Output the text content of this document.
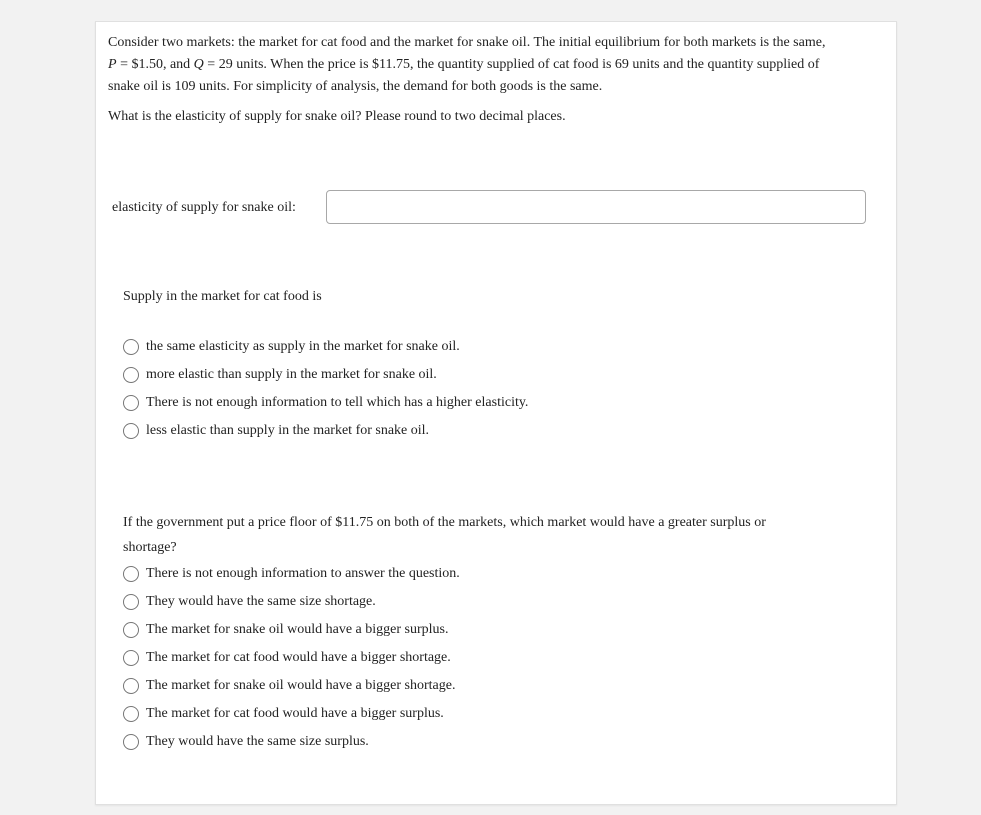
Consider two markets: the market for cat food and the market for snake oil. The initial equilibrium for both markets is the same,
P = $1.50, and Q = 29 units. When the price is $11.75, the quantity supplied of cat food is 69 units and the quantity supplied of
snake oil is 109 units. For simplicity of analysis, the demand for both goods is the same.

What is the elasticity of supply for snake oil? Please round to two decimal places.

elasticity of supply for snake oil:
Supply in the market for cat food is
the same elasticity as supply in the market for snake oil.
more elastic than supply in the market for snake oil.
There is not enough information to tell which has a higher elasticity.
less elastic than supply in the market for snake oil.
If the government put a price floor of $11.75 on both of the markets, which market would have a greater surplus or shortage?
There is not enough information to answer the question.
They would have the same size shortage.
The market for snake oil would have a bigger surplus.
The market for cat food would have a bigger shortage.
The market for snake oil would have a bigger shortage.
The market for cat food would have a bigger surplus.
They would have the same size surplus.
